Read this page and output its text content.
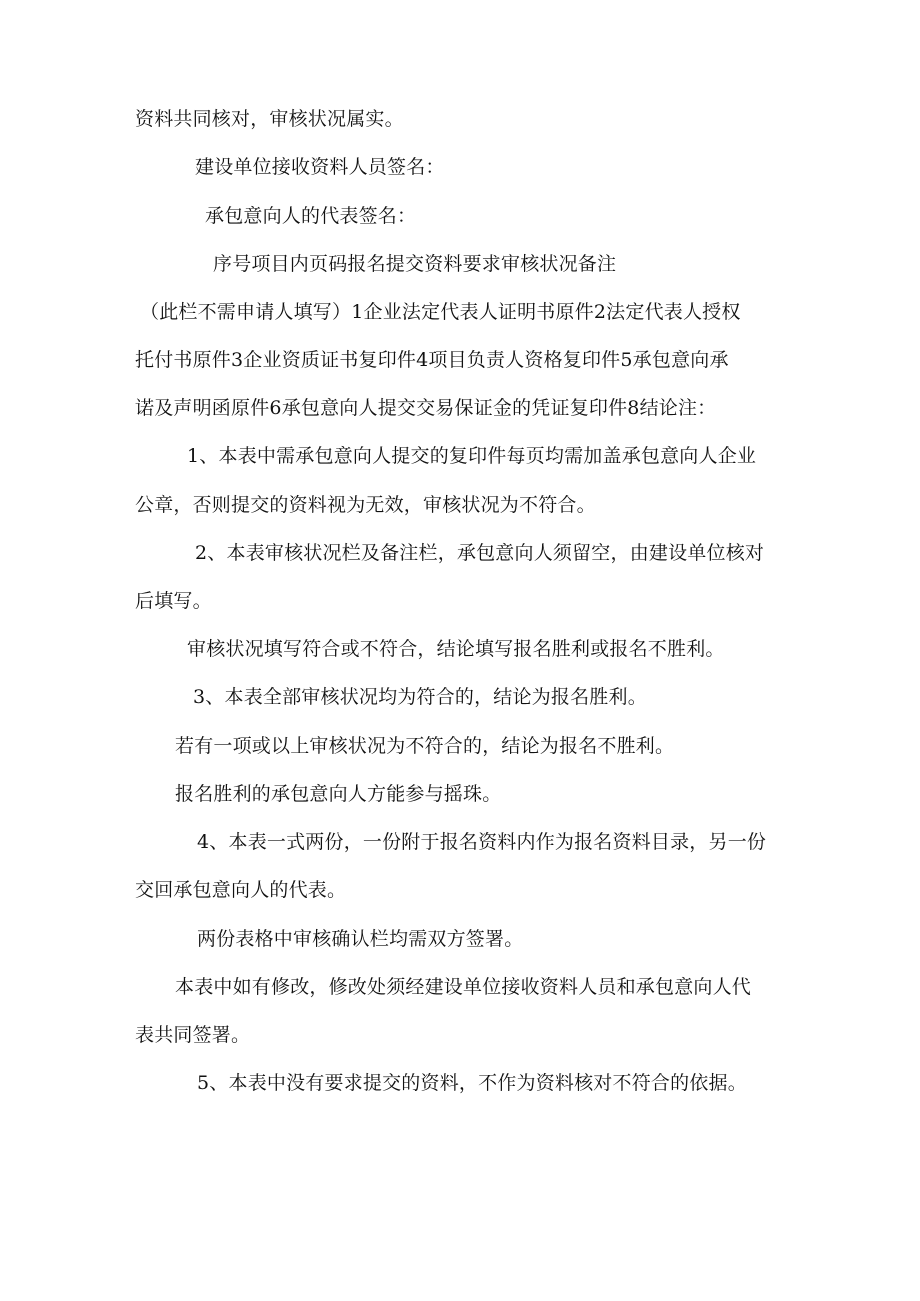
资料共同核对，审核状况属实。
建设单位接收资料人员签名：
承包意向人的代表签名：
序号项目内页码报名提交资料要求审核状况备注
（此栏不需申请人填写）1企业法定代表人证明书原件2法定代表人授权
托付书原件3企业资质证书复印件4项目负责人资格复印件5承包意向承
诺及声明函原件6承包意向人提交交易保证金的凭证复印件8结论注：
1、本表中需承包意向人提交的复印件每页均需加盖承包意向人企业
公章，否则提交的资料视为无效，审核状况为不符合。
2、本表审核状况栏及备注栏，承包意向人须留空，由建设单位核对
后填写。
审核状况填写符合或不符合，结论填写报名胜利或报名不胜利。
3、本表全部审核状况均为符合的，结论为报名胜利。
若有一项或以上审核状况为不符合的，结论为报名不胜利。
报名胜利的承包意向人方能参与摇珠。
4、本表一式两份，一份附于报名资料内作为报名资料目录，另一份
交回承包意向人的代表。
两份表格中审核确认栏均需双方签署。
本表中如有修改，修改处须经建设单位接收资料人员和承包意向人代
表共同签署。
5、本表中没有要求提交的资料，不作为资料核对不符合的依据。
